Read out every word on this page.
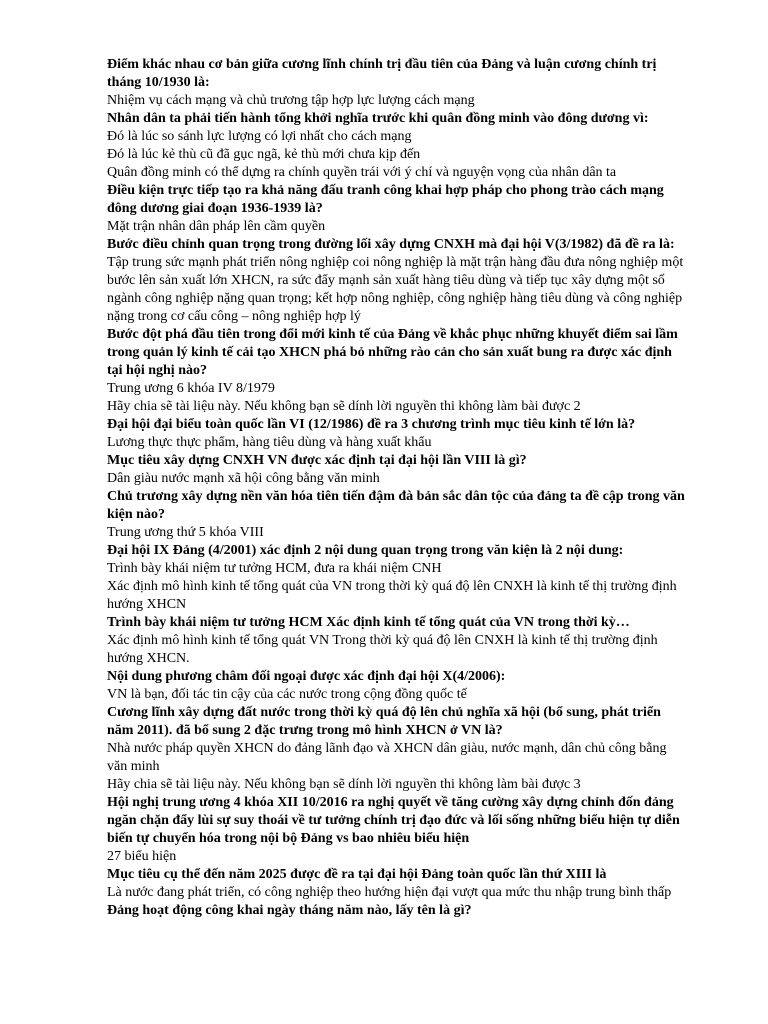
Điểm khác nhau cơ bản giữa cương lĩnh chính trị đầu tiên của Đảng và luận cương chính trị tháng 10/1930 là:

Nhiệm vụ cách mạng và chủ trương tập hợp lực lượng cách mạng

Nhân dân ta phải tiến hành tổng khởi nghĩa trước khi quân đồng minh vào đông dương vì:

Đó là lúc so sánh lực lượng có lợi nhất cho cách mạng

Đó là lúc kẻ thù cũ đã gục ngã, kẻ thù mới chưa kịp đến

Quân đồng minh có thể dựng ra chính quyền trái với ý chí và nguyện vọng của nhân dân ta

Điều kiện trực tiếp tạo ra khả năng đấu tranh công khai hợp pháp cho phong trào cách mạng đông dương giai đoạn 1936-1939 là?

Mặt trận nhân dân pháp lên cầm quyền

Bước điều chỉnh quan trọng trong đường lối xây dựng CNXH mà đại hội V(3/1982) đã đề ra là:

Tập trung sức mạnh phát triển nông nghiệp coi nông nghiệp là mặt trận hàng đầu đưa nông nghiệp một bước lên sản xuất lớn XHCN, ra sức đẩy mạnh sản xuất hàng tiêu dùng và tiếp tục xây dựng một số ngành công nghiệp nặng quan trọng; kết hợp nông nghiệp, công nghiệp hàng tiêu dùng và công nghiệp nặng trong cơ cấu công – nông nghiệp hợp lý

Bước đột phá đầu tiên trong đổi mới kinh tế của Đảng về khắc phục những khuyết điểm sai lầm trong quản lý kinh tế cải tạo XHCN phá bỏ những rào cản cho sản xuất bung ra được xác định tại hội nghị nào?

Trung ương 6 khóa IV 8/1979

Hãy chia sẽ tài liệu này. Nếu không bạn sẽ dính lời nguyền thi không làm bài được 2

Đại hội đại biểu toàn quốc lần VI (12/1986) đề ra 3 chương trình mục tiêu kinh tế lớn là?

Lương thực thực phẩm, hàng tiêu dùng và hàng xuất khẩu

Mục tiêu xây dựng CNXH VN được xác định tại đại hội lần VIII là gì?

Dân giàu nước mạnh xã hội công bằng văn minh

Chủ trương xây dựng nền văn hóa tiên tiến đậm đà bản sắc dân tộc của đảng ta đề cập trong văn kiện nào?

Trung ương thứ 5 khóa VIII

Đại hội IX Đảng (4/2001) xác định 2 nội dung quan trọng trong văn kiện là 2 nội dung:

Trình bày khái niệm tư tưởng HCM, đưa ra khái niệm CNH

Xác định mô hình kinh tế tổng quát của VN trong thời kỳ quá độ lên CNXH là kinh tế thị trường định hướng XHCN

Trình bày khái niệm tư tưởng HCM Xác định kinh tế tổng quát của VN trong thời kỳ…

Xác định mô hình kinh tế tổng quát VN Trong thời kỳ quá độ lên CNXH là kinh tế thị trường định hướng XHCN.

Nội dung phương châm đối ngoại được xác định đại hội X(4/2006):

VN là bạn, đối tác tin cậy của các nước trong cộng đồng quốc tế

Cương lĩnh xây dựng đất nước trong thời kỳ quá độ lên chủ nghĩa xã hội (bổ sung, phát triển năm 2011). đã bổ sung 2 đặc trưng trong mô hình XHCN ở VN là?

Nhà nước pháp quyền XHCN do đảng lãnh đạo và XHCN dân giàu, nước mạnh, dân chủ công bằng văn minh

Hãy chia sẽ tài liệu này. Nếu không bạn sẽ dính lời nguyền thi không làm bài được 3

Hội nghị trung ương 4 khóa XII 10/2016 ra nghị quyết về tăng cường xây dựng chỉnh đốn đảng ngăn chặn đẩy lùi sự suy thoái về tư tưởng chính trị đạo đức và lối sống những biểu hiện tự diễn biến tự chuyển hóa trong nội bộ Đảng vs bao nhiêu biểu hiện

27 biểu hiện

Mục tiêu cụ thể đến năm 2025 được đề ra tại đại hội Đảng toàn quốc lần thứ XIII là

Là nước đang phát triển, có công nghiệp theo hướng hiện đại vượt qua mức thu nhập trung bình thấp

Đảng hoạt động công khai ngày tháng năm nào, lấy tên là gì?
